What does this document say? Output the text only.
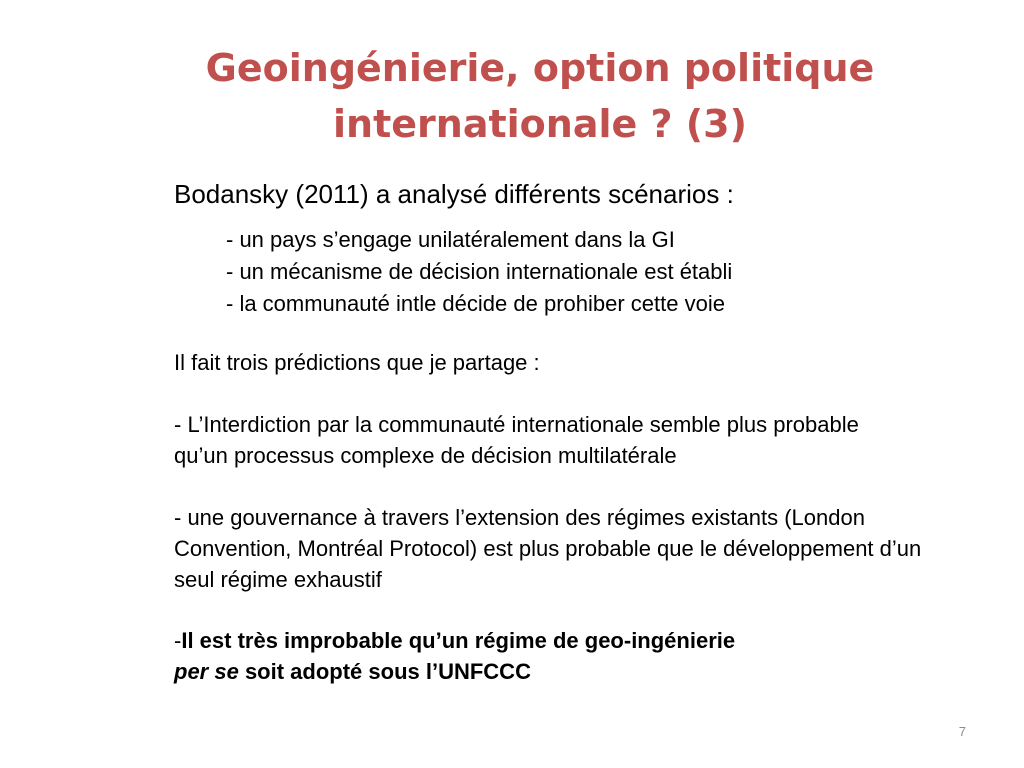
Geoingénierie, option politique
internationale ? (3)
Bodansky (2011) a analysé différents scénarios :
- un pays s’engage unilatéralement dans la GI
- un mécanisme de décision internationale est établi
- la communauté intle décide de prohiber cette voie
Il fait trois prédictions que je partage :
- L’Interdiction par la communauté internationale semble plus probable qu’un processus complexe de décision multilatérale
- une gouvernance à travers l’extension des régimes existants (London Convention, Montréal Protocol) est plus probable que le développement d’un seul régime exhaustif
-Il est très improbable qu’un régime de geo-ingénierie
per se soit adopté sous l’UNFCCC
7
